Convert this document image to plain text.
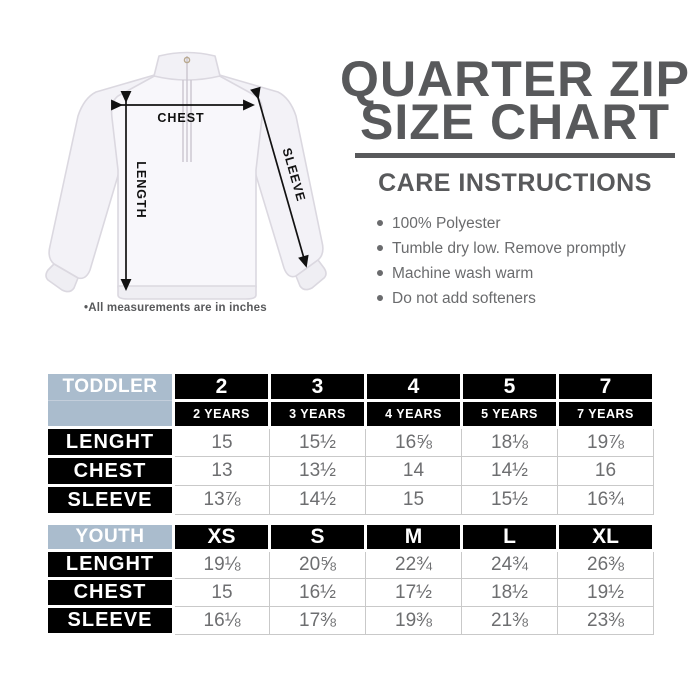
CHEST
LENGTH	SLEEVE
•All measurements are in inches
QUARTER ZIP
SIZE CHART
CARE INSTRUCTIONS
100% Polyester
Tumble dry low. Remove promptly
Machine wash warm
Do not add softeners
TODDLER	2	3	4	5	7
	2 YEARS	3 YEARS	4 YEARS	5 YEARS	7 YEARS
LENGHT	15	15½	16⅝	18⅛	19⅞
CHEST	13	13½	14	14½	16
SLEEVE	13⅞	14½	15	15½	16¾
YOUTH	XS	S	M	L	XL
LENGHT	19⅛	20⅝	22¾	24¾	26⅜
CHEST	15	16½	17½	18½	19½
SLEEVE	16⅛	17⅜	19⅜	21⅜	23⅜
